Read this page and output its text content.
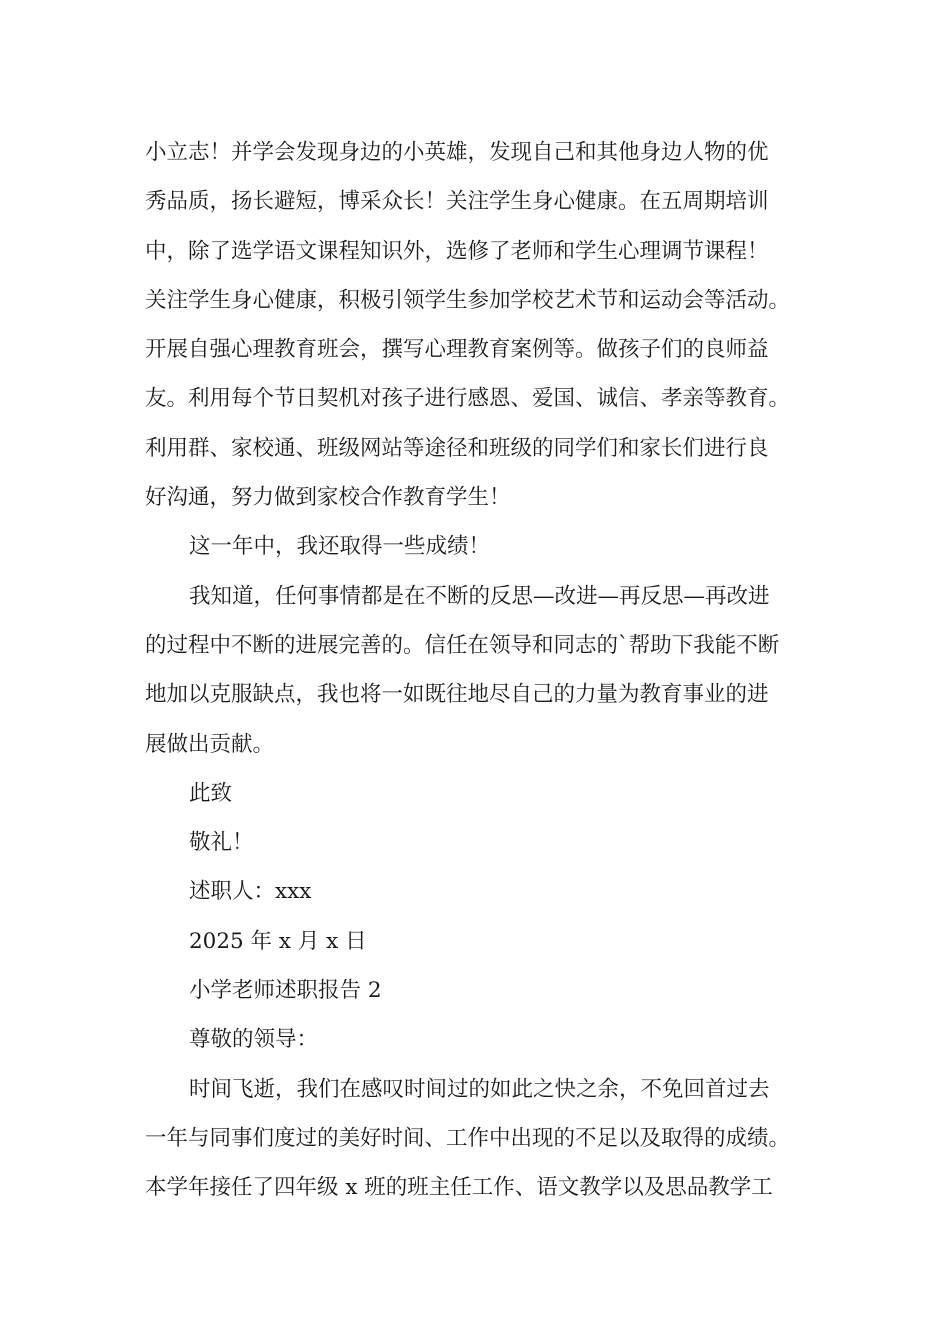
小立志！并学会发现身边的小英雄，发现自己和其他身边人物的优
秀品质，扬长避短，博采众长！关注学生身心健康。在五周期培训
中，除了选学语文课程知识外，选修了老师和学生心理调节课程！
关注学生身心健康，积极引领学生参加学校艺术节和运动会等活动。
开展自强心理教育班会，撰写心理教育案例等。做孩子们的良师益
友。利用每个节日契机对孩子进行感恩、爱国、诚信、孝亲等教育。
利用群、家校通、班级网站等途径和班级的同学们和家长们进行良
好沟通，努力做到家校合作教育学生！
这一年中，我还取得一些成绩！
我知道，任何事情都是在不断的反思—改进—再反思—再改进
的过程中不断的进展完善的。信任在领导和同志的`帮助下我能不断
地加以克服缺点，我也将一如既往地尽自己的力量为教育事业的进
展做出贡献。
此致
敬礼！
述职人：xxx
2025 年 x 月 x 日
小学老师述职报告 2
尊敬的领导：
时间飞逝，我们在感叹时间过的如此之快之余，不免回首过去
一年与同事们度过的美好时间、工作中出现的不足以及取得的成绩。
本学年接任了四年级 x 班的班主任工作、语文教学以及思品教学工
